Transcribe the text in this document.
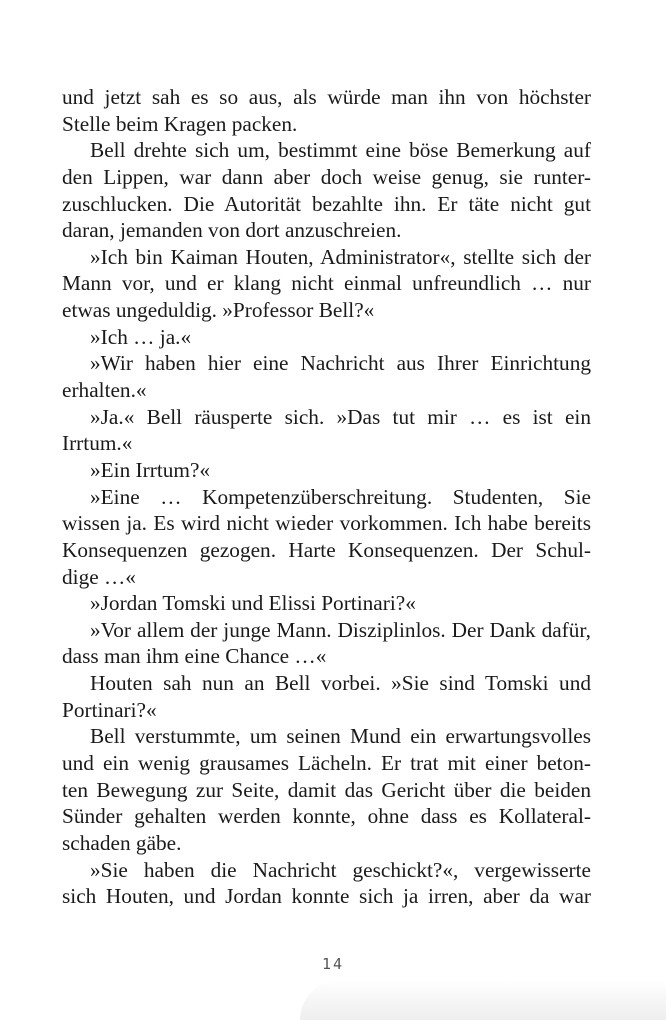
und jetzt sah es so aus, als würde man ihn von höchster
Stelle beim Kragen packen.
Bell drehte sich um, bestimmt eine böse Bemerkung auf
den Lippen, war dann aber doch weise genug, sie runter-
zuschlucken. Die Autorität bezahlte ihn. Er täte nicht gut
daran, jemanden von dort anzuschreien.
»Ich bin Kaiman Houten, Administrator«, stellte sich der
Mann vor, und er klang nicht einmal unfreundlich … nur
etwas ungeduldig. »Professor Bell?«
»Ich … ja.«
»Wir haben hier eine Nachricht aus Ihrer Einrichtung
erhalten.«
»Ja.« Bell räusperte sich. »Das tut mir … es ist ein
Irrtum.«
»Ein Irrtum?«
»Eine … Kompetenzüberschreitung. Studenten, Sie
wissen ja. Es wird nicht wieder vorkommen. Ich habe bereits
Konsequenzen gezogen. Harte Konsequenzen. Der Schul-
dige …«
»Jordan Tomski und Elissi Portinari?«
»Vor allem der junge Mann. Disziplinlos. Der Dank dafür,
dass man ihm eine Chance …«
Houten sah nun an Bell vorbei. »Sie sind Tomski und
Portinari?«
Bell verstummte, um seinen Mund ein erwartungsvolles
und ein wenig grausames Lächeln. Er trat mit einer beton-
ten Bewegung zur Seite, damit das Gericht über die beiden
Sünder gehalten werden konnte, ohne dass es Kollateral-
schaden gäbe.
»Sie haben die Nachricht geschickt?«, vergewisserte
sich Houten, und Jordan konnte sich ja irren, aber da war
14
